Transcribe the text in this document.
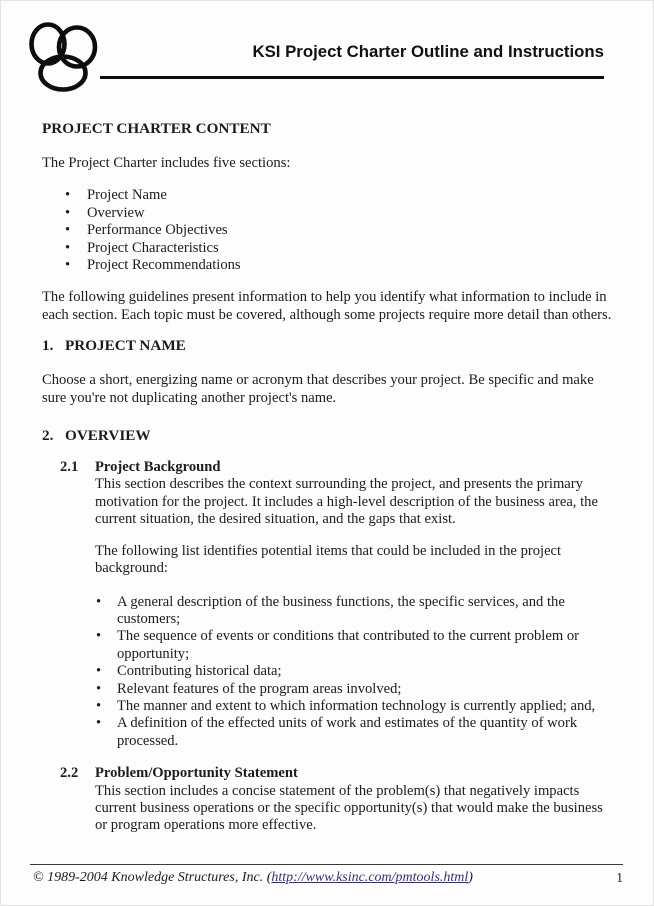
KSI Project Charter Outline and Instructions
PROJECT CHARTER CONTENT

The Project Charter includes five sections:

• Project Name
• Overview
• Performance Objectives
• Project Characteristics
• Project Recommendations

The following guidelines present information to help you identify what information to include in each section. Each topic must be covered, although some projects require more detail than others.

1. PROJECT NAME

Choose a short, energizing name or acronym that describes your project. Be specific and make sure you're not duplicating another project's name.

2. OVERVIEW
2.1	Project Background

This section describes the context surrounding the project, and presents the primary motivation for the project. It includes a high-level description of the business area, the current situation, the desired situation, and the gaps that exist.

The following list identifies potential items that could be included in the project background:

• A general description of the business functions, the specific services, and the customers;
• The sequence of events or conditions that contributed to the current problem or opportunity;
• Contributing historical data;
• Relevant features of the program areas involved;
• The manner and extent to which information technology is currently applied; and,
• A definition of the effected units of work and estimates of the quantity of work processed.
2.2	Problem/Opportunity Statement

This section includes a concise statement of the problem(s) that negatively impacts current business operations or the specific opportunity(s) that would make the business or program operations more effective.

© 1989-2004 Knowledge Structures, Inc. (http://www.ksinc.com/pmtools.html)	1
